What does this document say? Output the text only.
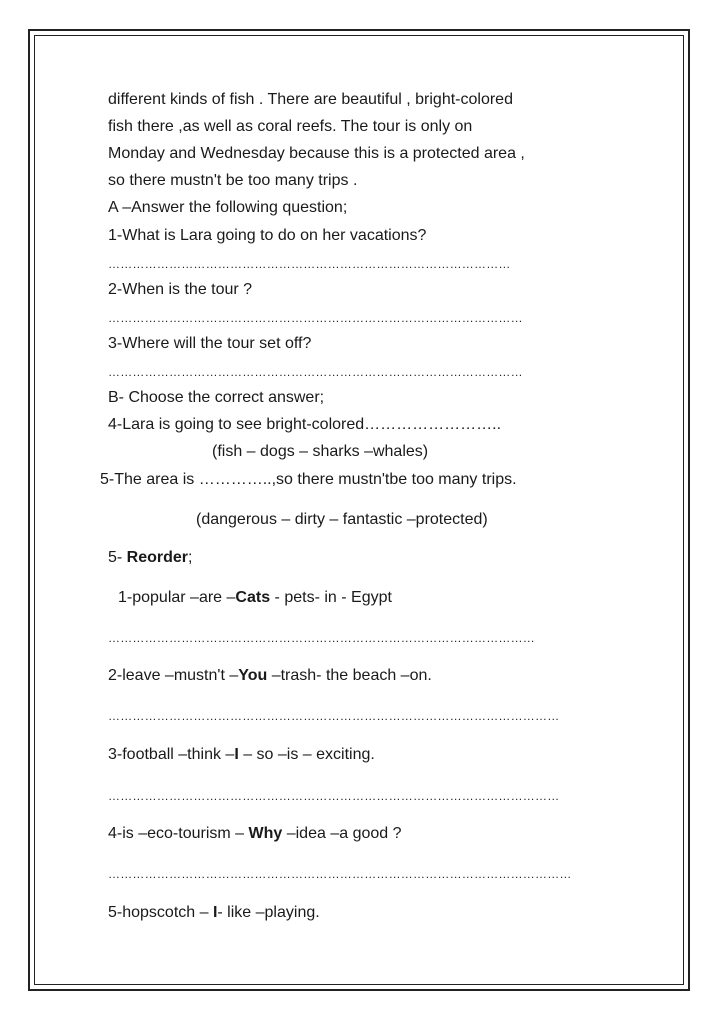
different kinds of fish . There are beautiful , bright-colored
fish there ,as well as coral reefs. The tour is only on
Monday and Wednesday because this is a protected area ,
so there mustn't be too many trips .
A –Answer the following question;
1-What is Lara going to do on her vacations?
………………………………………………………………………………………
2-When is the tour ?
…………………………………………………………………………………………
3-Where will the tour set off?
…………………………………………………………………………………………
B- Choose the correct answer;
4-Lara is going to see bright-colored……………………..
(fish – dogs – sharks –whales)
5-The area is …………..,so there mustn'tbe too many trips.
(dangerous – dirty – fantastic –protected)
5- Reorder;
1-popular –are –Cats - pets- in - Egypt
……………………………………………………………………………………………
2-leave –mustn't –You –trash- the beach –on.
…………………………………………………………………………………………………
3-football –think –I – so –is – exciting.
…………………………………………………………………………………………………
4-is –eco-tourism – Why –idea –a good ?
……………………………………………………………………………………………………
5-hopscotch – I- like –playing.
